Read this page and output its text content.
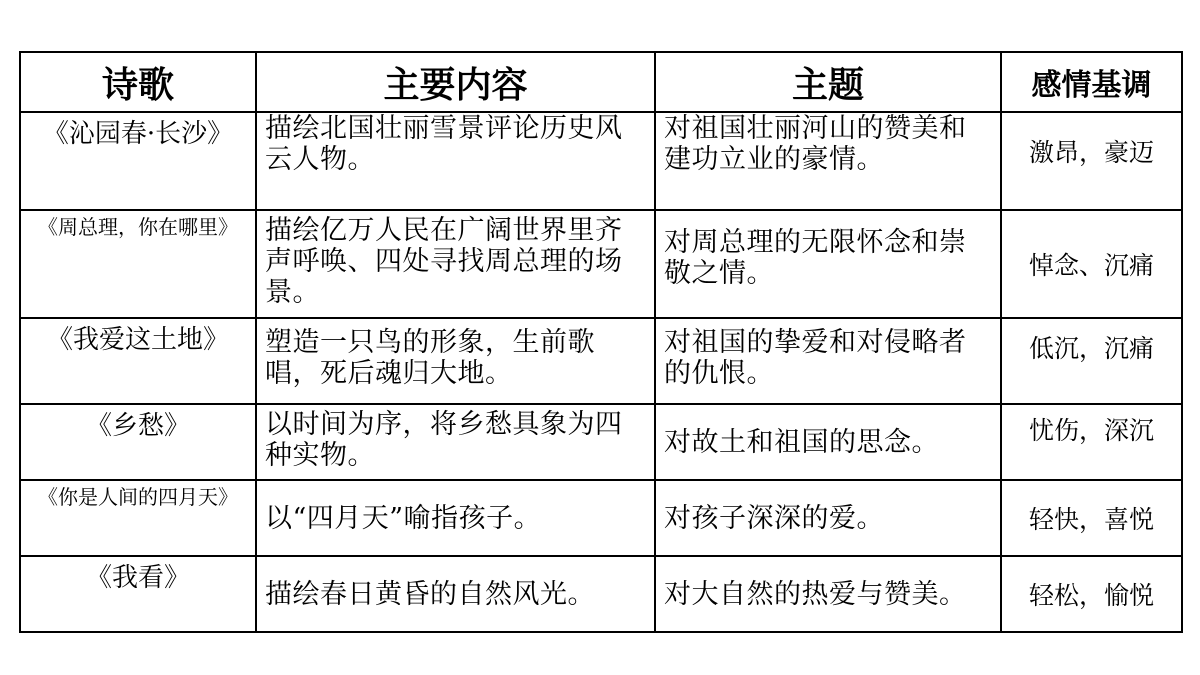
诗歌	主要内容	主题	感情基调
《沁园春·长沙》	描绘北国壮丽雪景评论历史风云人物。	对祖国壮丽河山的赞美和建功立业的豪情。	激昂，豪迈
《周总理，你在哪里》	描绘亿万人民在广阔世界里齐声呼唤、四处寻找周总理的场景。	对周总理的无限怀念和崇敬之情。	悼念、沉痛
《我爱这土地》	塑造一只鸟的形象，生前歌唱，死后魂归大地。	对祖国的挚爱和对侵略者的仇恨。	低沉，沉痛
《乡愁》	以时间为序，将乡愁具象为四种实物。	对故土和祖国的思念。	忧伤，深沉
《你是人间的四月天》	以“四月天”喻指孩子。	对孩子深深的爱。	轻快，喜悦
《我看》	描绘春日黄昏的自然风光。	对大自然的热爱与赞美。	轻松，愉悦
